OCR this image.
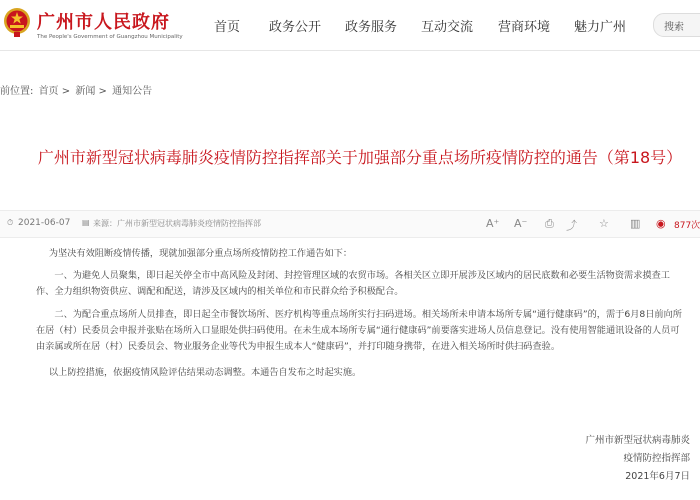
广州市人民政府
The People's Government of Guangzhou Municipality
首页 政务公开 政务服务 互动交流 营商环境 魅力广州	搜索
前位置: 首页 > 新闻 > 通知公告
广州市新型冠状病毒肺炎疫情防控指挥部关于加强部分重点场所疫情防控的通告（第18号）
⏱ 2021-06-07 ▤ 来源：广州市新型冠状病毒肺炎疫情防控指挥部	A⁺ A⁻ ⎙ ⤴ ☆ ▥ ◉ 877次

为坚决有效阻断疫情传播，现就加强部分重点场所疫情防控工作通告如下：

一、为避免人员聚集，即日起关停全市中高风险及封闭、封控管理区域的农贸市场。各相关区立即开展涉及区域内的居民底数和必要生活物资需求摸查工作、全力组织物资供应、调配和配送，请涉及区域内的相关单位和市民群众给予积极配合。

二、为配合重点场所人员排查，即日起全市餐饮场所、医疗机构等重点场所实行扫码进场。相关场所未申请本场所专属“通行健康码”的，需于6月8日前向所在居（村）民委员会申报并张贴在场所入口显眼处供扫码使用。在未生成本场所专属“通行健康码”前要落实进场人员信息登记。没有使用智能通讯设备的人员可由亲属或所在居（村）民委员会、物业服务企业等代为申报生成本人“健康码”，并打印随身携带，在进入相关场所时供扫码查验。

以上防控措施，依据疫情风险评估结果动态调整。本通告自发布之时起实施。

广州市新型冠状病毒肺炎
疫情防控指挥部
2021年6月7日
